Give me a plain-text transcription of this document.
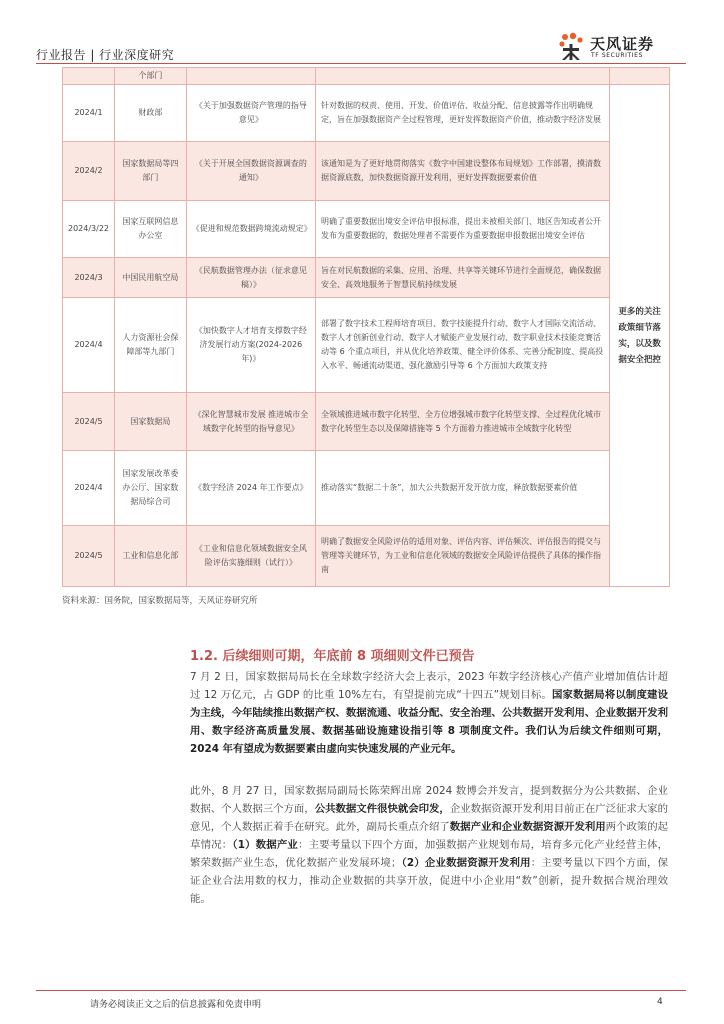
行业报告 | 行业深度研究
天风证券
TF SECURITIES
	个部门			
2024/1	财政部	《关于加强数据资产管理的指导意见》	针对数据的权责、使用、开发、价值评估、收益分配、信息披露等作出明确规定，旨在加强数据资产全过程管理，更好发挥数据资产价值，推动数字经济发展	更多的关注政策细节落实，以及数据安全把控
2024/2	国家数据局等四部门	《关于开展全国数据资源调查的通知》	该通知是为了更好地贯彻落实《数字中国建设整体布局规划》工作部署，摸清数据资源底数，加快数据资源开发利用，更好发挥数据要素价值	
2024/3/22	国家互联网信息办公室	《促进和规范数据跨境流动规定》	明确了重要数据出境安全评估申报标准，提出未被相关部门、地区告知或者公开发布为重要数据的，数据处理者不需要作为重要数据申报数据出境安全评估	
2024/3	中国民用航空局	《民航数据管理办法（征求意见稿）》	旨在对民航数据的采集、应用、治理、共享等关键环节进行全面规范，确保数据安全、高效地服务于智慧民航持续发展	
2024/4	人力资源社会保障部等九部门	《加快数字人才培育支撑数字经济发展行动方案(2024-2026 年)》	部署了数字技术工程师培育项目、数字技能提升行动、数字人才国际交流活动、数字人才创新创业行动、数字人才赋能产业发展行动、数字职业技术技能竞赛活动等 6 个重点项目，并从优化培养政策、健全评价体系、完善分配制度、提高投入水平、畅通流动渠道、强化激励引导等 6 个方面加大政策支持	
2024/5	国家数据局	《深化智慧城市发展 推进城市全域数字化转型的指导意见》	全领域推进城市数字化转型、全方位增强城市数字化转型支撑、全过程优化城市数字化转型生态以及保障措施等 5 个方面着力推进城市全域数字化转型	
2024/4	国家发展改革委办公厅、国家数据局综合司	《数字经济 2024 年工作要点》	推动落实“数据二十条”，加大公共数据开发开放力度，释放数据要素价值	
2024/5	工业和信息化部	《工业和信息化领域数据安全风险评估实施细则（试行）》	明确了数据安全风险评估的适用对象、评估内容、评估频次、评估报告的提交与管理等关键环节，为工业和信息化领域的数据安全风险评估提供了具体的操作指南	
资料来源：国务院，国家数据局等，天风证券研究所
1.2. 后续细则可期，年底前 8 项细则文件已预告

7 月 2 日，国家数据局局长在全球数字经济大会上表示，2023 年数字经济核心产值产业增加值估计超过 12 万亿元，占 GDP 的比重 10%左右，有望提前完成“十四五”规划目标。国家数据局将以制度建设为主线，今年陆续推出数据产权、数据流通、收益分配、安全治理、公共数据开发利用、企业数据开发利用、数字经济高质量发展、数据基础设施建设指引等 8 项制度文件。我们认为后续文件细则可期，2024 年有望成为数据要素由虚向实快速发展的产业元年。

此外，8 月 27 日，国家数据局副局长陈荣辉出席 2024 数博会并发言，提到数据分为公共数据、企业数据、个人数据三个方面，公共数据文件很快就会印发，企业数据资源开发利用目前正在广泛征求大家的意见，个人数据正着手在研究。此外，副局长重点介绍了数据产业和企业数据资源开发利用两个政策的起草情况：（1）数据产业：主要考量以下四个方面，加强数据产业规划布局，培育多元化产业经营主体，繁荣数据产业生态，优化数据产业发展环境；（2）企业数据资源开发利用：主要考量以下四个方面，保证企业合法用数的权力，推动企业数据的共享开放，促进中小企业用“数”创新，提升数据合规治理效能。

请务必阅读正文之后的信息披露和免责申明	4
